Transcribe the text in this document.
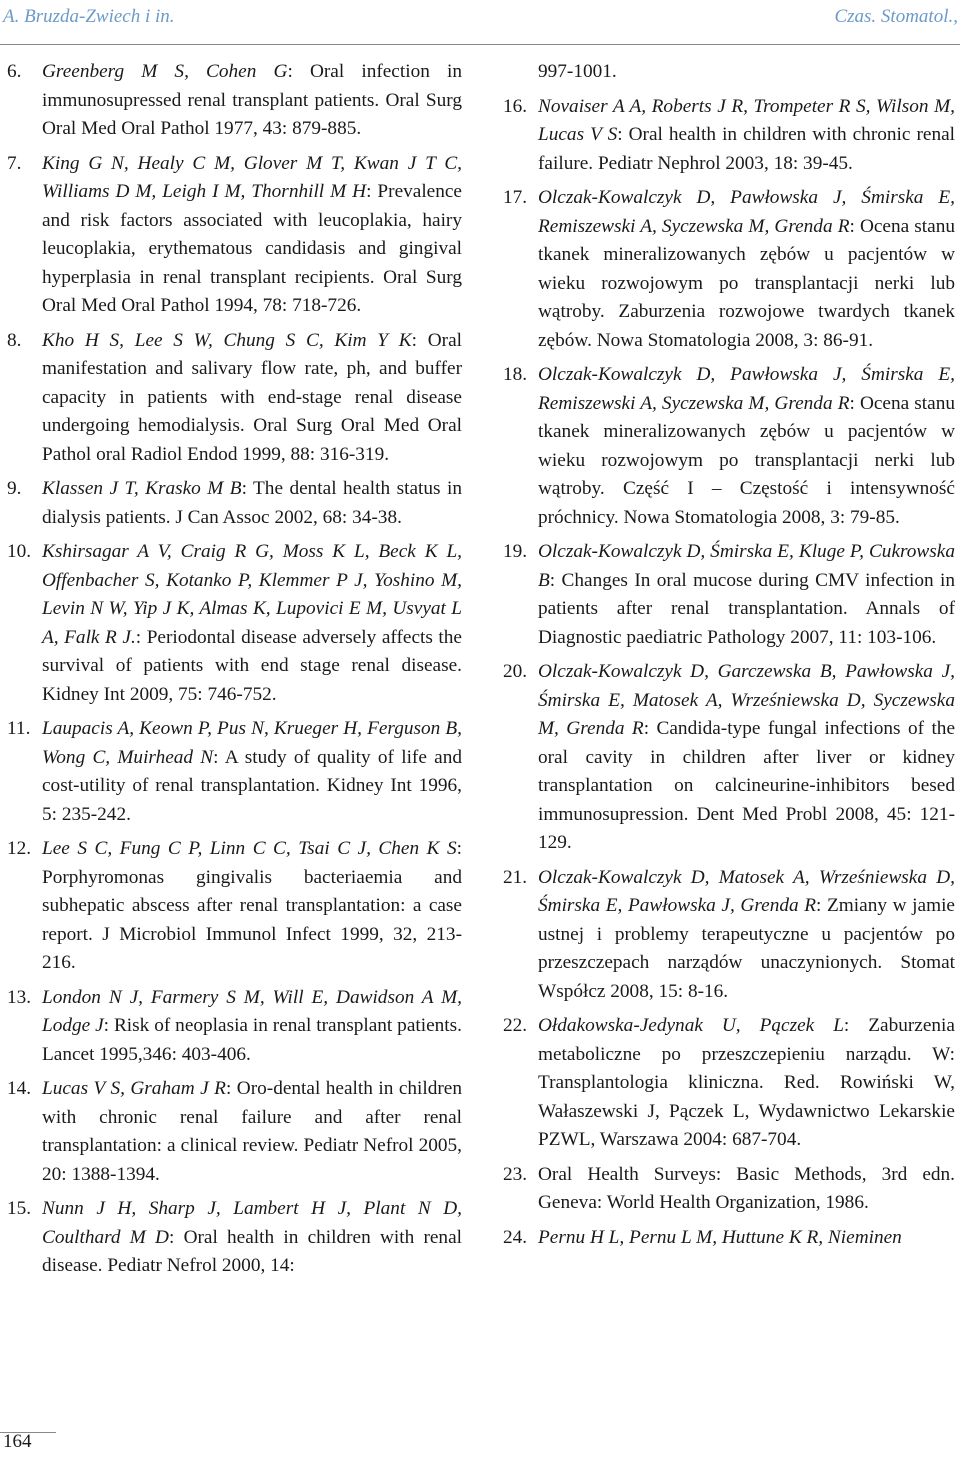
A. Bruzda-Zwiech i in.	Czas. Stomatol.,
6.	Greenberg M S, Cohen G: Oral infection in immunosupressed renal transplant patients. Oral Surg Oral Med Oral Pathol 1977, 43: 879-885.
7.	King G N, Healy C M, Glover M T, Kwan J T C, Williams D M, Leigh I M, Thornhill M H: Prevalence and risk factors associated with leucoplakia, hairy leucoplakia, erythematous candidasis and gingival hyperplasia in renal transplant recipients. Oral Surg Oral Med Oral Pathol 1994, 78: 718-726.
8.	Kho H S, Lee S W, Chung S C, Kim Y K: Oral manifestation and salivary flow rate, ph, and buffer capacity in patients with end-stage renal disease undergoing hemodialysis. Oral Surg Oral Med Oral Pathol oral Radiol Endod 1999, 88: 316-319.
9.	Klassen J T, Krasko M B: The dental health status in dialysis patients. J Can Assoc 2002, 68: 34-38.
10. Kshirsagar A V, Craig R G, Moss K L, Beck K L, Offenbacher S, Kotanko P, Klemmer P J, Yoshino M, Levin N W, Yip J K, Almas K, Lupovici E M, Usvyat L A, Falk R J.: Periodontal disease adversely affects the survival of patients with end stage renal disease. Kidney Int 2009, 75: 746-752.
11. Laupacis A, Keown P, Pus N, Krueger H, Ferguson B, Wong C, Muirhead N: A study of quality of life and cost-utility of renal transplantation. Kidney Int 1996, 5: 235-242.
12. Lee S C, Fung C P, Linn C C, Tsai C J, Chen K S: Porphyromonas gingivalis bacteriaemia and subhepatic abscess after renal transplantation: a case report. J Microbiol Immunol Infect 1999, 32, 213-216.
13. London N J, Farmery S M, Will E, Dawidson A M, Lodge J: Risk of neoplasia in renal transplant patients. Lancet 1995,346: 403-406.
14. Lucas V S, Graham J R: Oro-dental health in children with chronic renal failure and after renal transplantation: a clinical review. Pediatr Nefrol 2005, 20: 1388-1394.
15. Nunn J H, Sharp J, Lambert H J, Plant N D, Coulthard M D: Oral health in children with renal disease. Pediatr Nefrol 2000, 14:
997-1001.
16. Novaiser A A, Roberts J R, Trompeter R S, Wilson M, Lucas V S: Oral health in children with chronic renal failure. Pediatr Nephrol 2003, 18: 39-45.
17. Olczak-Kowalczyk D, Pawłowska J, Śmirska E, Remiszewski A, Syczewska M, Grenda R: Ocena stanu tkanek mineralizowanych zębów u pacjentów w wieku rozwojowym po transplantacji nerki lub wątroby. Zaburzenia rozwojowe twardych tkanek zębów. Nowa Stomatologia 2008, 3: 86-91.
18. Olczak-Kowalczyk D, Pawłowska J, Śmirska E, Remiszewski A, Syczewska M, Grenda R: Ocena stanu tkanek mineralizowanych zębów u pacjentów w wieku rozwojowym po transplantacji nerki lub wątroby. Część I – Częstość i intensywność próchnicy. Nowa Stomatologia 2008, 3: 79-85.
19. Olczak-Kowalczyk D, Śmirska E, Kluge P, Cukrowska B: Changes In oral mucose during CMV infection in patients after renal transplantation. Annals of Diagnostic paediatric Pathology 2007, 11: 103-106.
20. Olczak-Kowalczyk D, Garczewska B, Pawłowska J, Śmirska E, Matosek A, Wrześniewska D, Syczewska M, Grenda R: Candida-type fungal infections of the oral cavity in children after liver or kidney transplantation on calcineurine-inhibitors besed immunosupression. Dent Med Probl 2008, 45: 121-129.
21. Olczak-Kowalczyk D, Matosek A, Wrześniewska D, Śmirska E, Pawłowska J, Grenda R: Zmiany w jamie ustnej i problemy terapeutyczne u pacjentów po przeszczepach narządów unaczynionych. Stomat Współcz 2008, 15: 8-16.
22. Ołdakowska-Jedynak U, Pączek L: Zaburzenia metaboliczne po przeszczepieniu narządu. W: Transplantologia kliniczna. Red. Rowiński W, Wałaszewski J, Pączek L, Wydawnictwo Lekarskie PZWL, Warszawa 2004: 687-704.
23. Oral Health Surveys: Basic Methods, 3rd edn. Geneva: World Health Organization, 1986.
24. Pernu H L, Pernu L M, Huttune K R, Nieminen
164
